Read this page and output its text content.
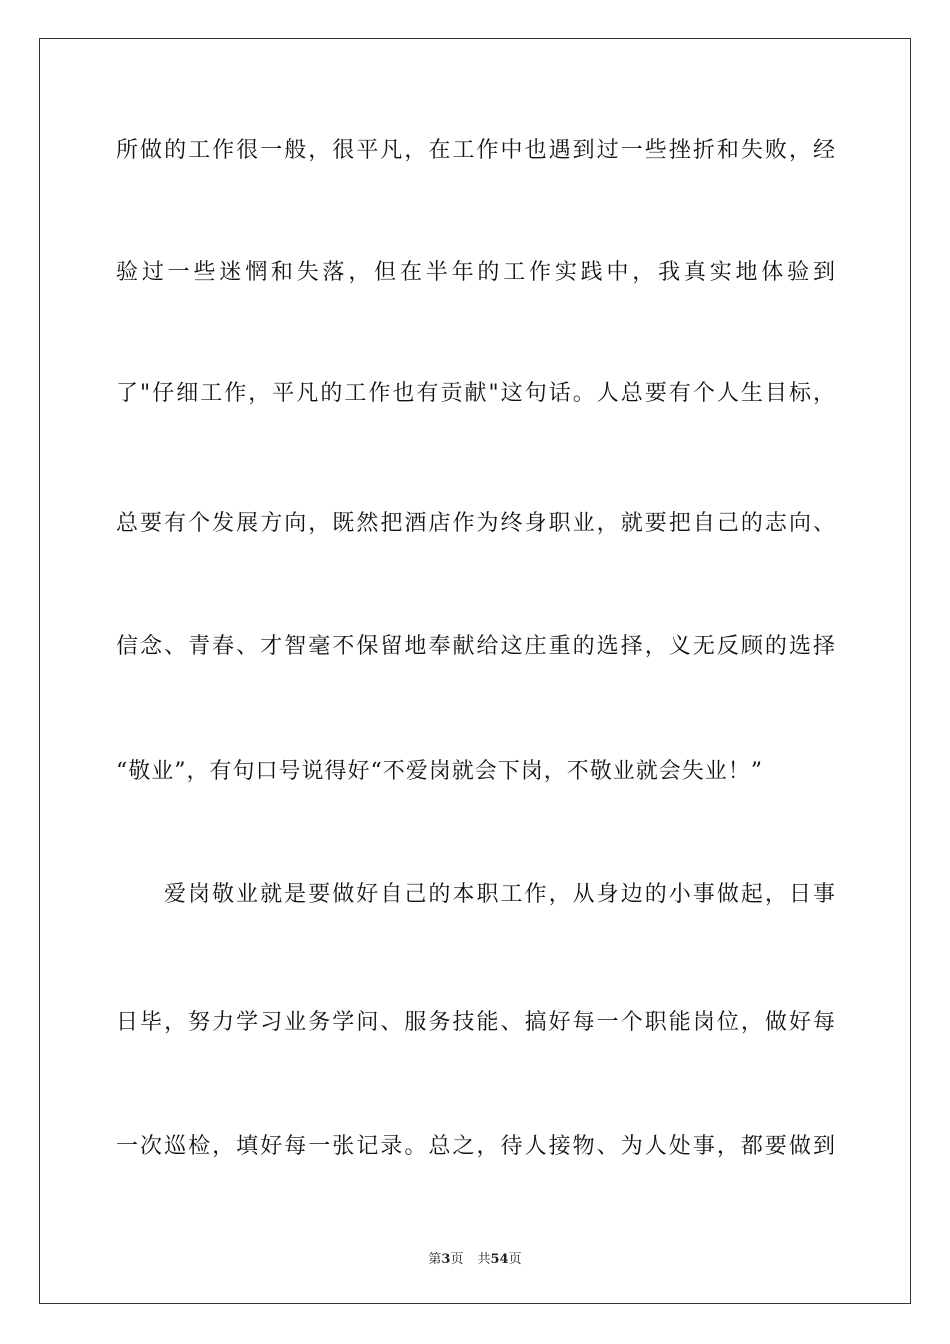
所做的工作很一般，很平凡，在工作中也遇到过一些挫折和失败，经
验过一些迷惘和失落，但在半年的工作实践中，我真实地体验到
了"仔细工作，平凡的工作也有贡献"这句话。人总要有个人生目标，
总要有个发展方向，既然把酒店作为终身职业，就要把自己的志向、
信念、青春、才智毫不保留地奉献给这庄重的选择，义无反顾的选择
“敬业”，有句口号说得好“不爱岗就会下岗，不敬业就会失业！”
爱岗敬业就是要做好自己的本职工作，从身边的小事做起，日事
日毕，努力学习业务学问、服务技能、搞好每一个职能岗位，做好每
一次巡检，填好每一张记录。总之，待人接物、为人处事，都要做到
第3页 共54页
